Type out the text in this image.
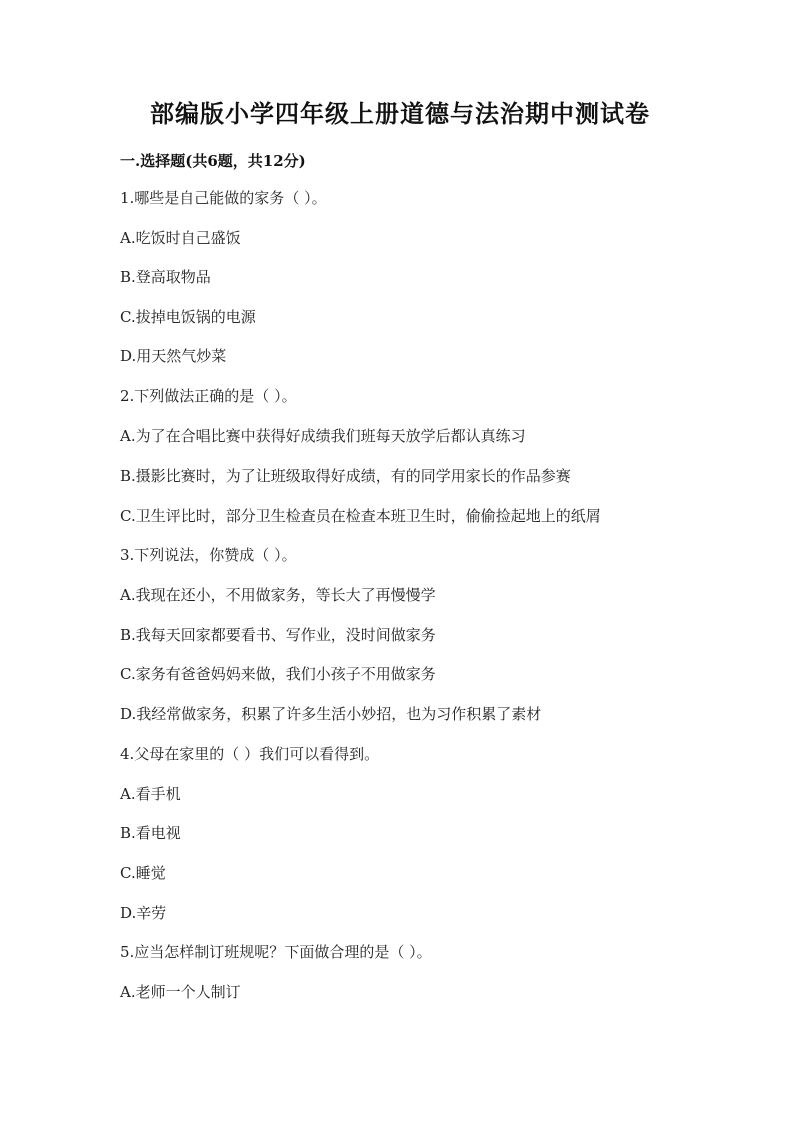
部编版小学四年级上册道德与法治期中测试卷
一.选择题(共6题，共12分)
1.哪些是自己能做的家务（ ）。
A.吃饭时自己盛饭
B.登高取物品
C.拔掉电饭锅的电源
D.用天然气炒菜
2.下列做法正确的是（ ）。
A.为了在合唱比赛中获得好成绩我们班每天放学后都认真练习
B.摄影比赛时，为了让班级取得好成绩，有的同学用家长的作品参赛
C.卫生评比时，部分卫生检查员在检查本班卫生时，偷偷捡起地上的纸屑
3.下列说法，你赞成（ ）。
A.我现在还小，不用做家务，等长大了再慢慢学
B.我每天回家都要看书、写作业，没时间做家务
C.家务有爸爸妈妈来做，我们小孩子不用做家务
D.我经常做家务，积累了许多生活小妙招，也为习作积累了素材
4.父母在家里的（ ）我们可以看得到。
A.看手机
B.看电视
C.睡觉
D.辛劳
5.应当怎样制订班规呢？下面做合理的是（ ）。
A.老师一个人制订
